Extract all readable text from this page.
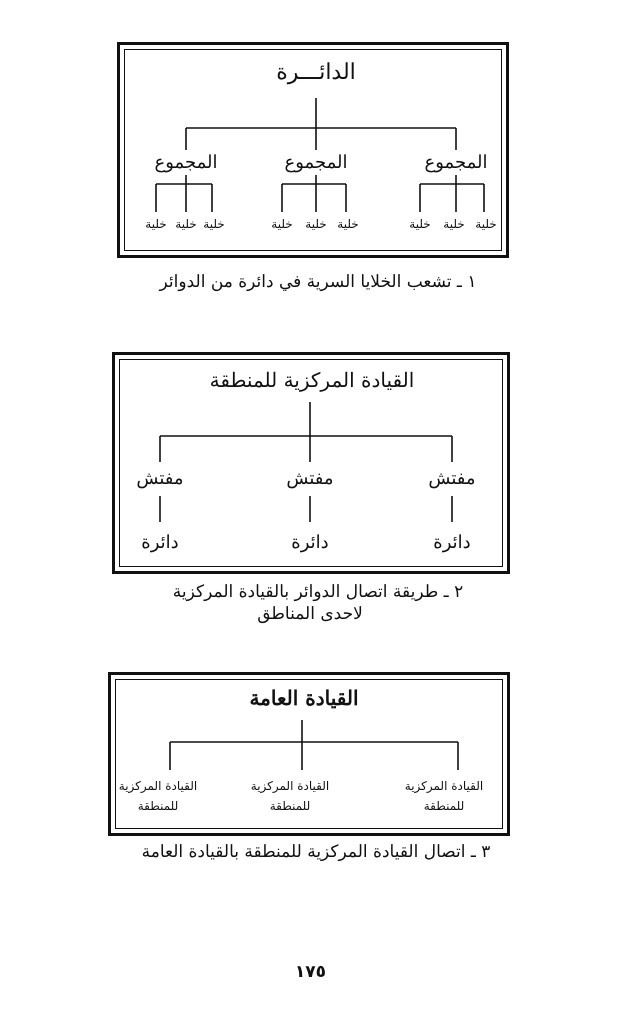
الدائـــرة
المجموع	المجموع	المجموع
خلية خلية خلية	خلية خلية خلية	خلية خلية خلية
١ ـ تشعب الخلايا السرية في دائرة من الدوائر
القيادة المركزية للمنطقة
مفتش	مفتش	مفتش
دائرة	دائرة	دائرة
٢ ـ طريقة اتصال الدوائر بالقيادة المركزية
لاحدى المناطق
القيادة العامة
القيادة المركزية
للمنطقة
القيادة المركزية
للمنطقة
القيادة المركزية
للمنطقة
٣ ـ اتصال القيادة المركزية للمنطقة بالقيادة العامة
١٧٥
